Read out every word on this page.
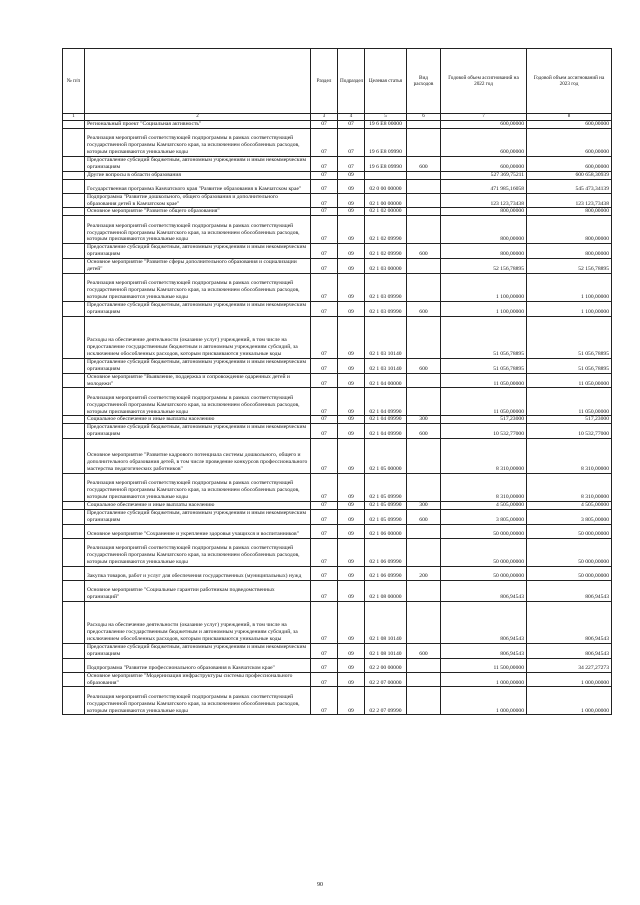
№ п/п		Раздел	Подраздел	Целевая статья	Вид расходов	Годовой объем ассигнований на 2022 год	Годовой объем ассигнований на 2023 год
1	2	3	4	5	6	7	8
	Региональный проект "Социальная активность"	07	07	19 6 Е8 00000		600,00000	600,00000
	Реализация мероприятий соответствующей подпрограммы в рамках соответствующей государственной программы Камчатского края, за исключением обособленных расходов, которым присваиваются уникальные коды	07	07	19 6 Е8 09990		600,00000	600,00000
	Предоставление субсидий бюджетным, автономным учреждениям и иным некоммерческим организациям	07	07	19 6 Е8 09990	600	600,00000	600,00000
	Другие вопросы в области образования	07	09			527 369,75211	600 658,30939
	Государственная программа Камчатского края "Развитие образования в Камчатском крае"	07	09	02 0 00 00000		471 985,16058	545 473,34139
	Подпрограмма "Развитие дошкольного, общего образования и дополнительного образования детей в Камчатском крае"	07	09	02 1 00 00000		123 123,73438	123 123,73438
	Основное мероприятие "Развитие общего образования"	07	09	02 1 02 00000		800,00000	800,00000
	Реализация мероприятий соответствующей подпрограммы в рамках соответствующей государственной программы Камчатского края, за исключением обособленных расходов, которым присваиваются уникальные коды	07	09	02 1 02 09990		800,00000	800,00000
	Предоставление субсидий бюджетным, автономным учреждениям и иным некоммерческим организациям	07	09	02 1 02 09990	600	800,00000	800,00000
	Основное мероприятие "Развитие сферы дополнительного образования и социализации детей"	07	09	02 1 03 00000		52 156,78895	52 156,78895
	Реализация мероприятий соответствующей подпрограммы в рамках соответствующей государственной программы Камчатского края, за исключением обособленных расходов, которым присваиваются уникальные коды	07	09	02 1 03 09990		1 100,00000	1 100,00000
	Предоставление субсидий бюджетным, автономным учреждениям и иным некоммерческим организациям	07	09	02 1 03 09990	600	1 100,00000	1 100,00000
	Расходы на обеспечение деятельности (оказание услуг) учреждений, в том числе на предоставление государственным бюджетным и автономным учреждениям субсидий, за исключением обособленных расходов, которым присваиваются уникальные коды	07	09	02 1 03 10140		51 056,78895	51 056,78895
	Предоставление субсидий бюджетным, автономным учреждениям и иным некоммерческим организациям	07	09	02 1 03 10140	600	51 056,78895	51 056,78895
	Основное мероприятие "Выявление, поддержка и сопровождение одаренных детей и молодежи"	07	09	02 1 04 00000		11 050,00000	11 050,00000
	Реализация мероприятий соответствующей подпрограммы в рамках соответствующей государственной программы Камчатского края, за исключением обособленных расходов, которым присваиваются уникальные коды	07	09	02 1 04 09990		11 050,00000	11 050,00000
	Социальное обеспечение и иные выплаты населению	07	09	02 1 04 09990	300	517,23000	517,23000
	Предоставление субсидий бюджетным, автономным учреждениям и иным некоммерческим организациям	07	09	02 1 04 09990	600	10 532,77000	10 532,77000
	Основное мероприятие "Развитие кадрового потенциала системы дошкольного, общего и дополнительного образования детей, в том числе проведение конкурсов профессионального мастерства педагогических работников"	07	09	02 1 05 00000		8 310,00000	8 310,00000
	Реализация мероприятий соответствующей подпрограммы в рамках соответствующей государственной программы Камчатского края, за исключением обособленных расходов, которым присваиваются уникальные коды	07	09	02 1 05 09990		8 310,00000	8 310,00000
	Социальное обеспечение и иные выплаты населению	07	09	02 1 05 09990	300	4 505,00000	4 505,00000
	Предоставление субсидий бюджетным, автономным учреждениям и иным некоммерческим организациям	07	09	02 1 05 09990	600	3 805,00000	3 805,00000
	Основное мероприятие "Сохранение и укрепление здоровья учащихся и воспитанников"	07	09	02 1 06 00000		50 000,00000	50 000,00000
	Реализация мероприятий соответствующей подпрограммы в рамках соответствующей государственной программы Камчатского края, за исключением обособленных расходов, которым присваиваются уникальные коды	07	09	02 1 06 09990		50 000,00000	50 000,00000
	Закупка товаров, работ и услуг для обеспечения государственных (муниципальных) нужд	07	09	02 1 06 09990	200	50 000,00000	50 000,00000
	Основное мероприятие "Социальные гарантии работникам подведомственных организаций"	07	09	02 1 08 00000		806,94543	806,94543
	Расходы на обеспечение деятельности (оказание услуг) учреждений, в том числе на предоставление государственным бюджетным и автономным учреждениям субсидий, за исключением обособленных расходов, которым присваиваются уникальные коды	07	09	02 1 08 10140		806,94543	806,94543
	Предоставление субсидий бюджетным, автономным учреждениям и иным некоммерческим организациям	07	09	02 1 08 10140	600	806,94543	806,94543
	Подпрограмма "Развитие профессионального образования в Камчатском крае"	07	09	02 2 00 00000		11 500,00000	34 227,27273
	Основное мероприятие "Модернизация инфраструктуры системы профессионального образования"	07	09	02 2 07 00000		1 000,00000	1 000,00000
	Реализация мероприятий соответствующей подпрограммы в рамках соответствующей государственной программы Камчатского края, за исключением обособленных расходов, которым присваиваются уникальные коды	07	09	02 2 07 09990		1 000,00000	1 000,00000
90
